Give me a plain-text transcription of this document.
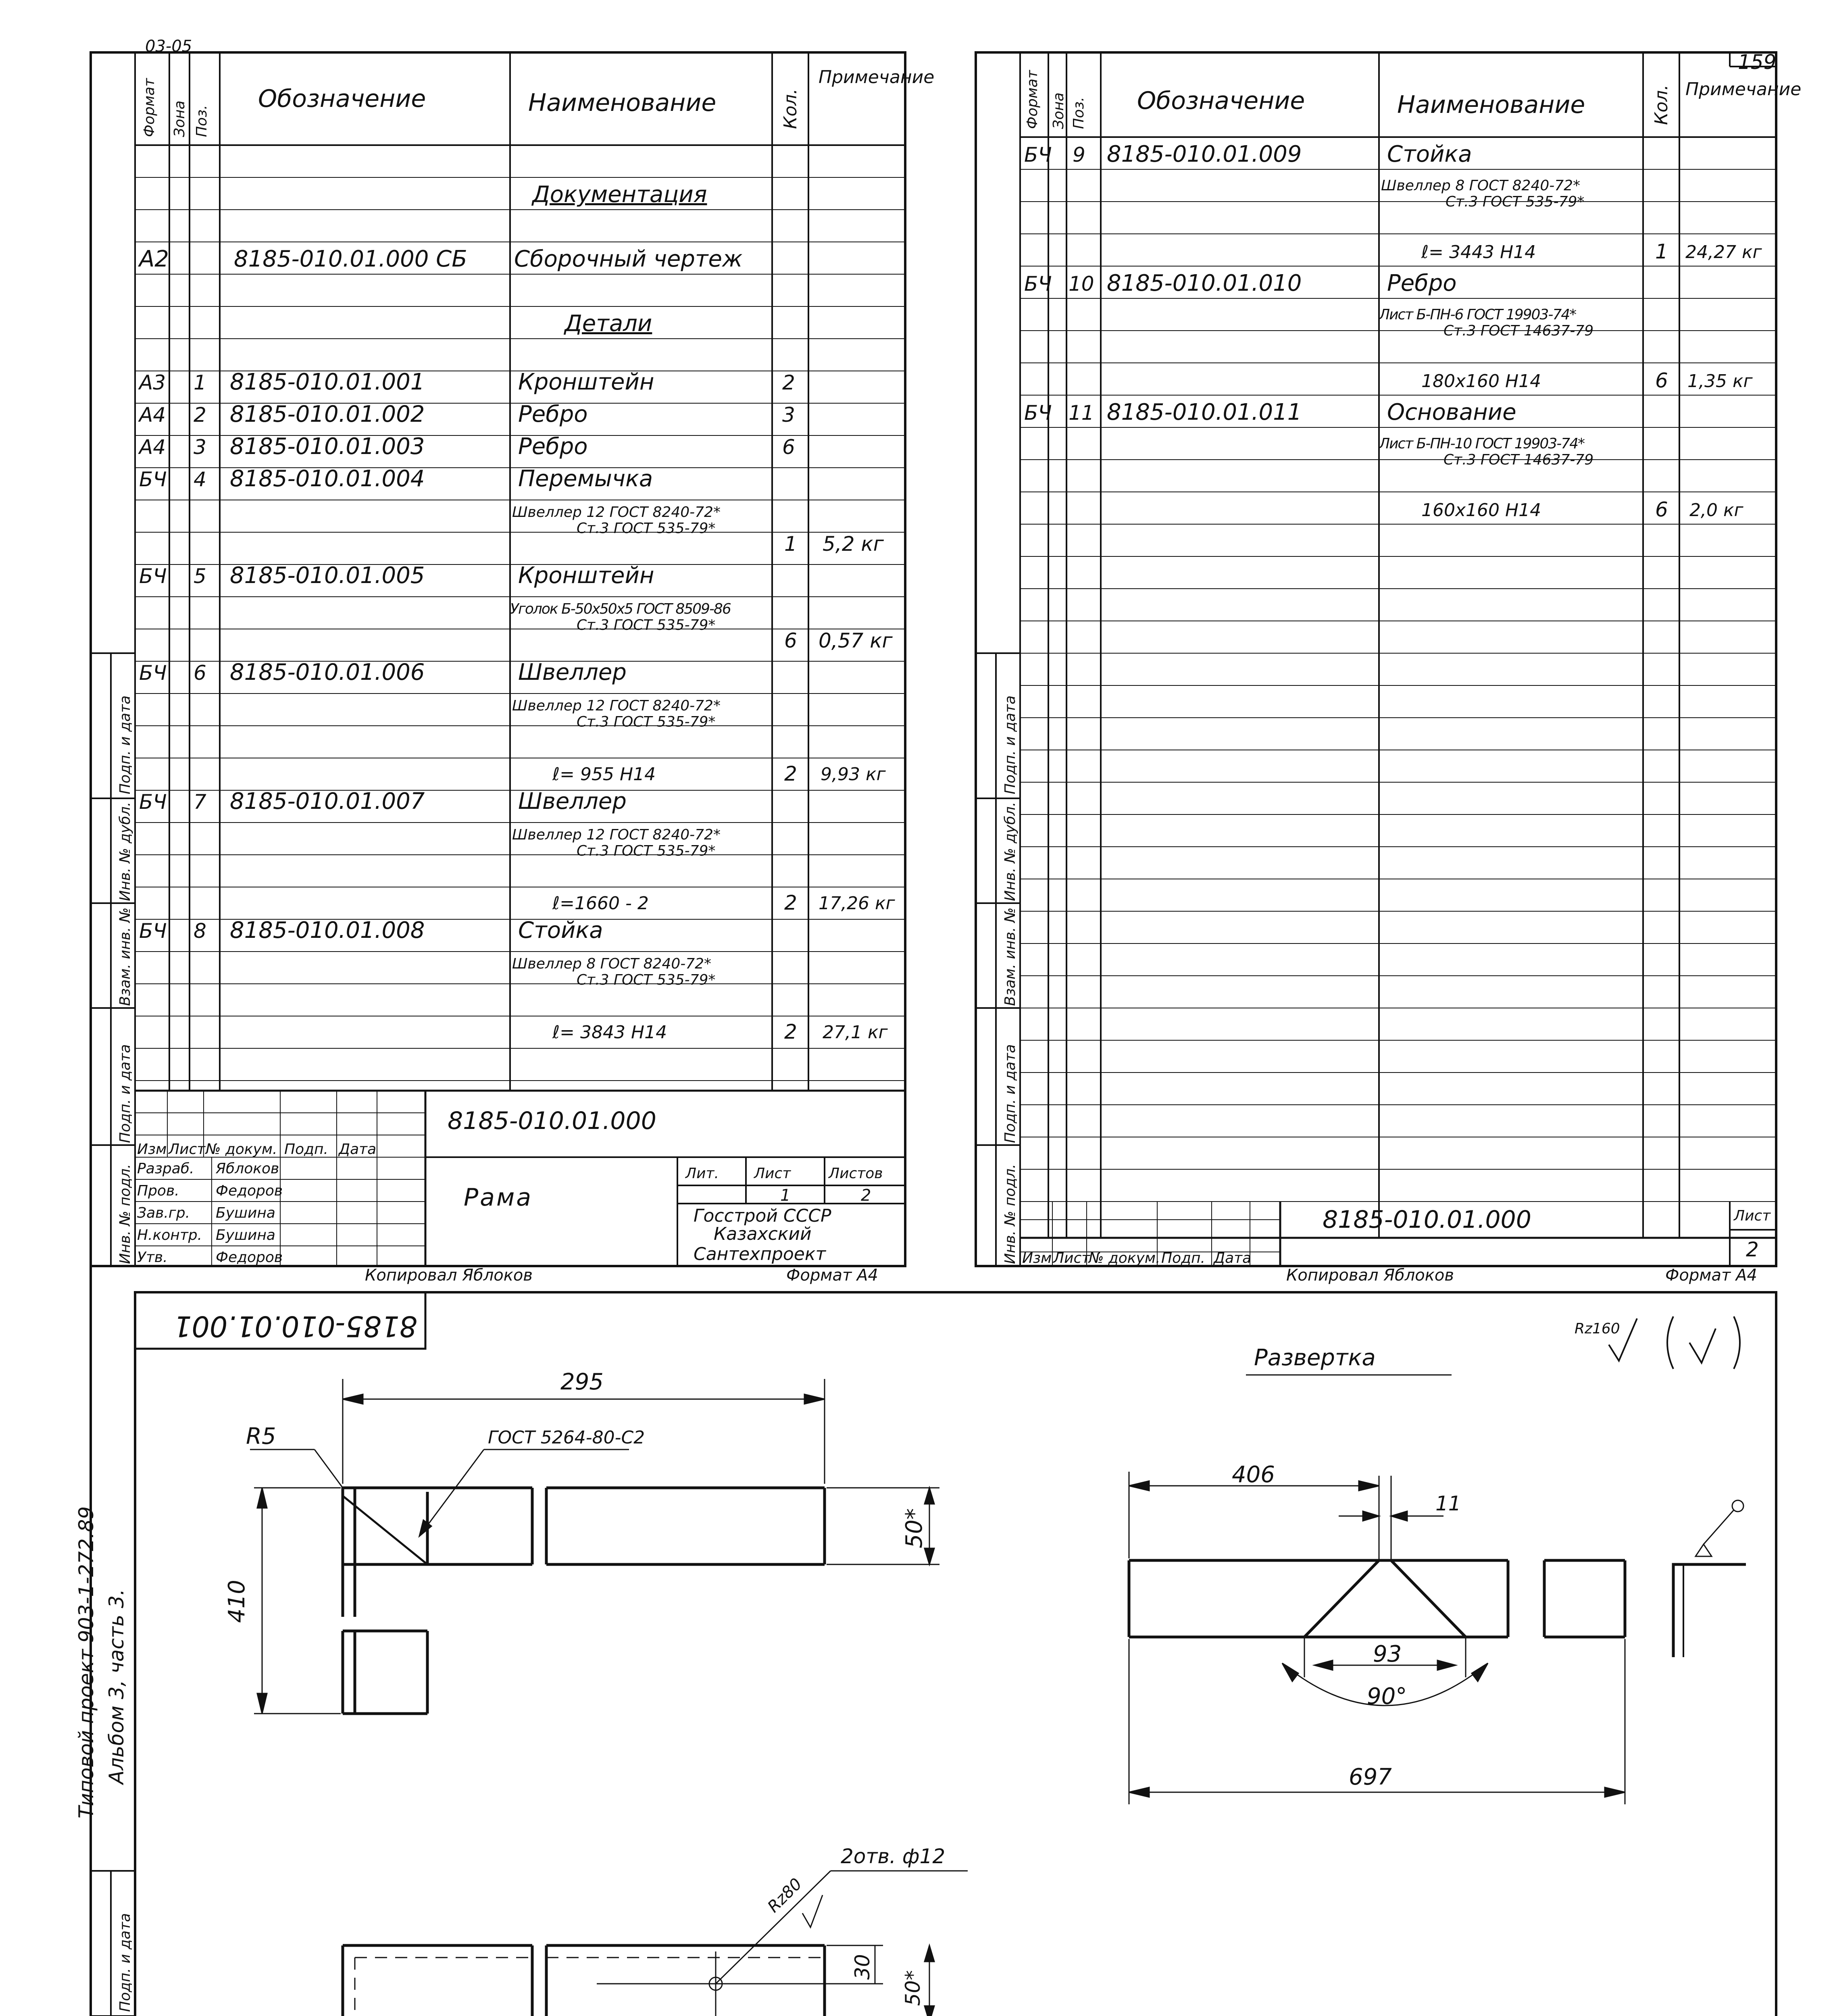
03-05
159
Формат Зона Поз.
Обозначение	Наименование	Кол.
Примечание
Документация
А2	8185-010.01.000 СБ Сборочный чертеж
Детали
А3 1 8185-010.01.001	Кронштейн	2
А4 2 8185-010.01.002	Ребро	3
А4 3 8185-010.01.003	Ребро	6
БЧ 4 8185-010.01.004	Перемычка
Швеллер 12 ГОСТ 8240-72*
Ст.3 ГОСТ 535-79*
1 5,2 кг
БЧ 5 8185-010.01.005	Кронштейн
Уголок Б-50х50х5 ГОСТ 8509-86
Ст.3 ГОСТ 535-79*
6 0,57 кг
БЧ 6 8185-010.01.006	Швеллер
Швеллер 12 ГОСТ 8240-72*
Ст.3 ГОСТ 535-79*
ℓ= 955 H14	2 9,93 кг
БЧ 7 8185-010.01.007	Швеллер
Швеллер 12 ГОСТ 8240-72*
Ст.3 ГОСТ 535-79*
ℓ=1660 - 2	2 17,26 кг
БЧ 8 8185-010.01.008	Стойка
Швеллер 8 ГОСТ 8240-72*
Ст.3 ГОСТ 535-79*
ℓ= 3843 H14	2 27,1 кг
8185-010.01.000
Изм Лист № докум. Подп. Дата
Разраб. Яблоков
Пров.	Федоров
Зав.гр. Бушина
Н.контр. Бушина
Утв.	Федоров
Рама
Лит. Лист	Листов
1	2
Госстрой СССР
Казахский
Сантехпроект
Копировал Яблоков	Формат А4
Подп. и дата
Инв. № дубл.
Взам. инв. №
Подп. и дата
Инв. № подл.
Формат Зона Поз. Обозначение	Наименование	Кол. Примечание
БЧ 9 8185-010.01.009	Стойка
Швеллер 8 ГОСТ 8240-72*
Ст.3 ГОСТ 535-79*
ℓ= 3443 H14	1 24,27 кг
БЧ 10 8185-010.01.010	Ребро
Лист Б-ПН-6 ГОСТ 19903-74*
Ст.3 ГОСТ 14637-79
180х160 H14	6 1,35 кг
БЧ 11 8185-010.01.011	Основание
Лист Б-ПН-10 ГОСТ 19903-74*
Ст.3 ГОСТ 14637-79
160х160 H14	6 2,0 кг
8185-010.01.000	Лист
2
Изм Лист
№ докум. Подп. Дата
Копировал Яблоков	Формат А4
Подп. и дата
Инв. № дубл.
Взам. инв. №
Подп. и дата
Инв. № подл.
8185-010.01.001
Типовой проект 903-1-272.89 Альбом 3, часть 3.
Развертка
Rz160
295
410
50*
R5	ГОСТ 5264-80-С2
406
11
93
90°
697
2отв. ф12
Rz80
30
50*
Подп. и дата
